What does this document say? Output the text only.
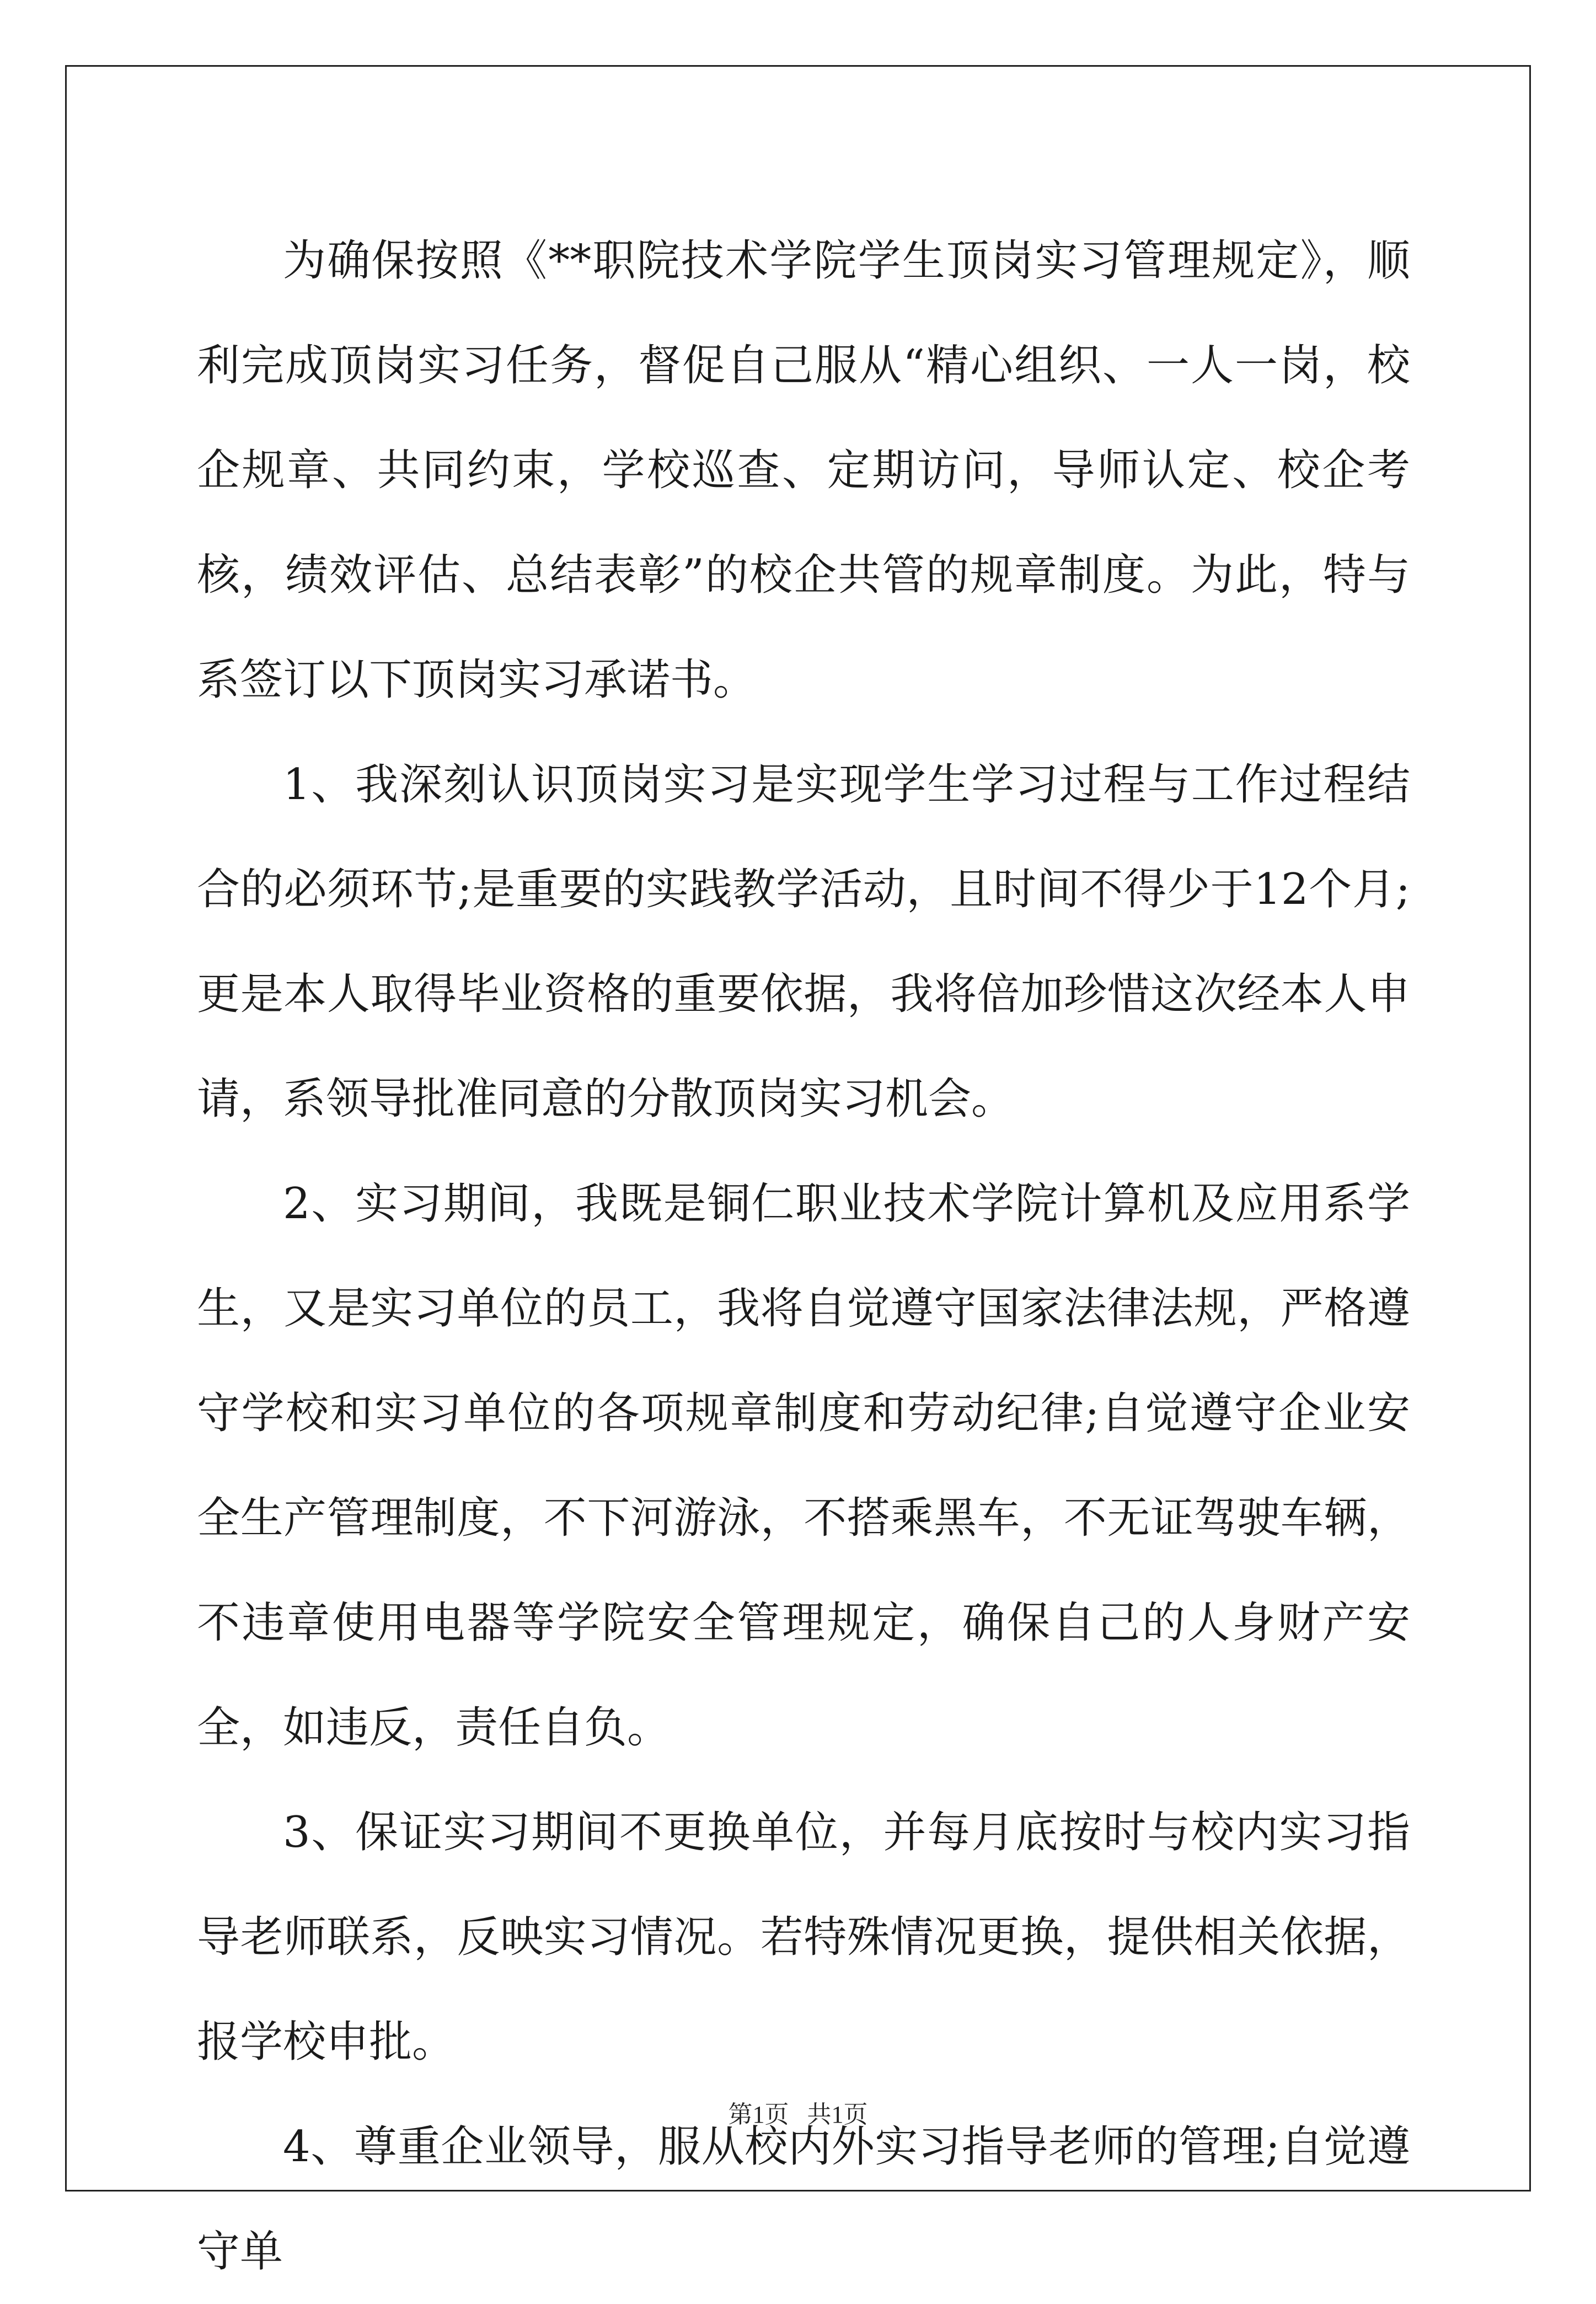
为确保按照《**职院技术学院学生顶岗实习管理规定》，顺利完成顶岗实习任务，督促自己服从“精心组织、一人一岗，校企规章、共同约束，学校巡查、定期访问，导师认定、校企考核，绩效评估、总结表彰”的校企共管的规章制度。为此，特与系签订以下顶岗实习承诺书。

1、我深刻认识顶岗实习是实现学生学习过程与工作过程结合的必须环节;是重要的实践教学活动，且时间不得少于12个月;更是本人取得毕业资格的重要依据，我将倍加珍惜这次经本人申请，系领导批准同意的分散顶岗实习机会。

2、实习期间，我既是铜仁职业技术学院计算机及应用系学生，又是实习单位的员工，我将自觉遵守国家法律法规，严格遵守学校和实习单位的各项规章制度和劳动纪律;自觉遵守企业安全生产管理制度，不下河游泳，不搭乘黑车，不无证驾驶车辆，不违章使用电器等学院安全管理规定，确保自己的人身财产安全，如违反，责任自负。

3、保证实习期间不更换单位，并每月底按时与校内实习指导老师联系，反映实习情况。若特殊情况更换，提供相关依据，报学校申批。

4、尊重企业领导，服从校内外实习指导老师的管理;自觉遵守单

第1页   共1页
